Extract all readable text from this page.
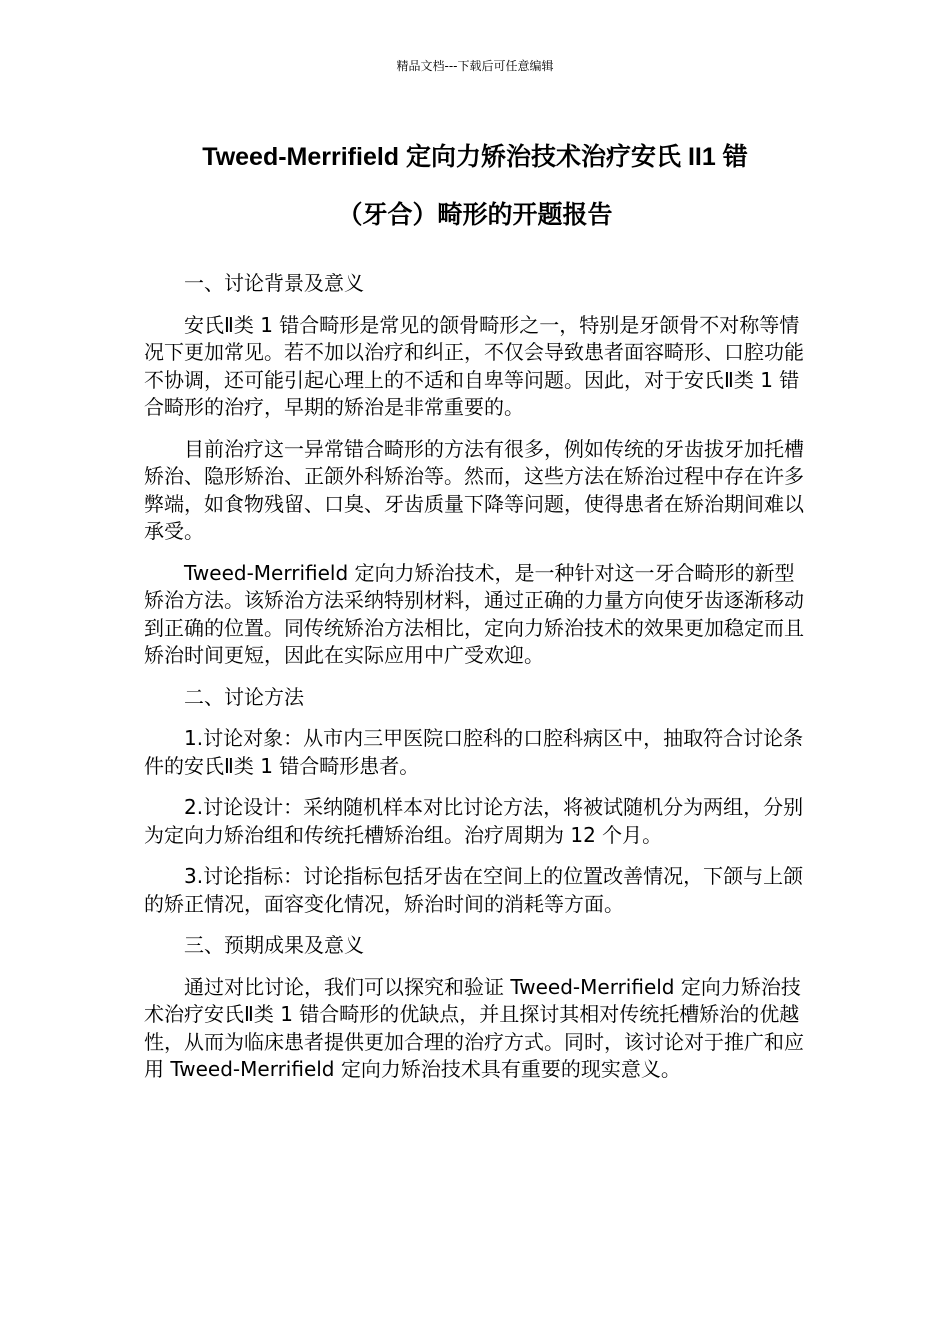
精品文档---下载后可任意编辑
Tweed-Merrifield 定向力矫治技术治疗安氏 II1 错
（牙合）畸形的开题报告

一、讨论背景及意义

安氏Ⅱ类 1 错合畸形是常见的颌骨畸形之一，特别是牙颌骨不对称等情况下更加常见。若不加以治疗和纠正，不仅会导致患者面容畸形、口腔功能不协调，还可能引起心理上的不适和自卑等问题。因此，对于安氏Ⅱ类 1 错合畸形的治疗，早期的矫治是非常重要的。

目前治疗这一异常错合畸形的方法有很多，例如传统的牙齿拔牙加托槽矫治、隐形矫治、正颌外科矫治等。然而，这些方法在矫治过程中存在许多弊端，如食物残留、口臭、牙齿质量下降等问题，使得患者在矫治期间难以承受。

Tweed-Merrifield 定向力矫治技术，是一种针对这一牙合畸形的新型矫治方法。该矫治方法采纳特别材料，通过正确的力量方向使牙齿逐渐移动到正确的位置。同传统矫治方法相比，定向力矫治技术的效果更加稳定而且矫治时间更短，因此在实际应用中广受欢迎。

二、讨论方法

1.讨论对象：从市内三甲医院口腔科的口腔科病区中，抽取符合讨论条件的安氏Ⅱ类 1 错合畸形患者。

2.讨论设计：采纳随机样本对比讨论方法，将被试随机分为两组，分别为定向力矫治组和传统托槽矫治组。治疗周期为 12 个月。

3.讨论指标：讨论指标包括牙齿在空间上的位置改善情况，下颌与上颌的矫正情况，面容变化情况，矫治时间的消耗等方面。

三、预期成果及意义

通过对比讨论，我们可以探究和验证 Tweed-Merrifield 定向力矫治技术治疗安氏Ⅱ类 1 错合畸形的优缺点，并且探讨其相对传统托槽矫治的优越性，从而为临床患者提供更加合理的治疗方式。同时，该讨论对于推广和应用 Tweed-Merrifield 定向力矫治技术具有重要的现实意义。
